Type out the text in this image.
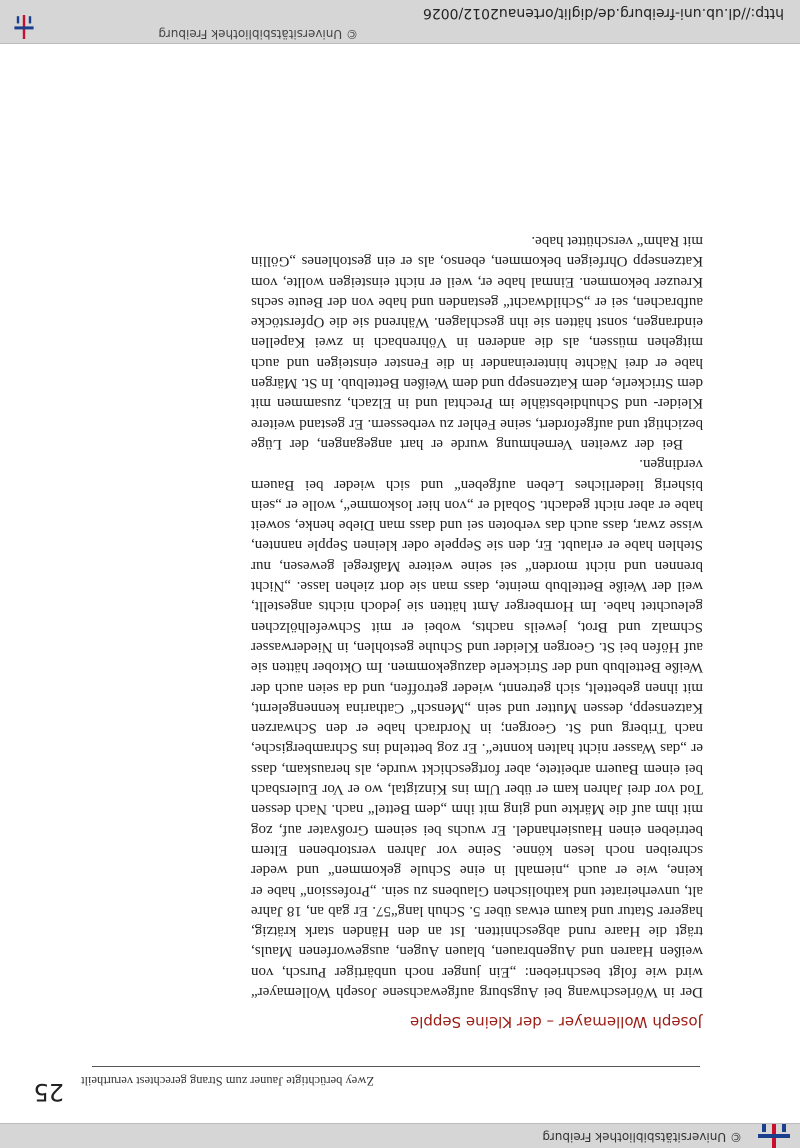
© Universitätsbibliothek Freiburg
25 Zwey berüchtigte Jauner zum Strang gerechtest verurtheilt
Joseph Wollemayer – der Kleine Sepple

Der in Wörleschwang bei Augsburg aufgewachsene Joseph Wollemayer“ wird wie folgt beschrieben: „Ein junger noch unbärtiger Pursch, von weißen Haaren und Augenbrauen, blauen Augen, ausgeworfenen Mauls, trägt die Haare rund abgeschnitten. Ist an den Händen stark krätzig, hagerer Statur und kaum etwas über 5. Schuh lang“57. Er gab an, 18 Jahre alt, unverheiratet und katholischen Glaubens zu sein. „Profession“ habe er keine, wie er auch „niemahl in eine Schule gekommen“ und weder schreiben noch lesen könne. Seine vor Jahren verstorbenen Eltern betrieben einen Hausierhandel. Er wuchs bei seinem Großvater auf, zog mit ihm auf die Märkte und ging mit ihm „dem Bettel“ nach. Nach dessen Tod vor drei Jahren kam er über Ulm ins Kinzigtal, wo er Vor Eulersbach bei einem Bauern arbeitete, aber fortgeschickt wurde, als herauskam, dass er „das Wasser nicht halten konnte“. Er zog bettelnd ins Schrambergische, nach Triberg und St. Georgen; in Nordrach habe er den Schwarzen Katzensepp, dessen Mutter und sein „Mensch“ Catharina kennengelernt, mit ihnen gebettelt, sich getrennt, wieder getroffen, und da seien auch der Weiße Bettelbub und der Strickerle dazugekommen. Im Oktober hätten sie auf Höfen bei St. Georgen Kleider und Schuhe gestohlen, in Niederwasser Schmalz und Brot, jeweils nachts, wobei er mit Schwefelhölzchen geleuchtet habe. Im Hornberger Amt hätten sie jedoch nichts angestellt, weil der Weiße Bettelbub meinte, dass man sie dort ziehen lasse. „Nicht brennen und nicht morden“ sei seine weitere Maßregel gewesen, nur Stehlen habe er erlaubt. Er, den sie Seppele oder kleinen Sepple nannten, wisse zwar, dass auch das verboten sei und dass man Diebe henke, soweit habe er aber nicht gedacht. Sobald er „von hier loskomme“, wolle er „sein bisherig liederliches Leben aufgeben“ und sich wieder bei Bauern verdingen.

Bei der zweiten Vernehmung wurde er hart angegangen, der Lüge bezichtigt und aufgefordert, seine Fehler zu verbessern. Er gestand weitere Kleider- und Schuhdiebstähle im Prechtal und in Elzach, zusammen mit dem Strickerle, dem Katzensepp und dem Weißen Bettelbub. In St. Märgen habe er drei Nächte hintereinander in die Fenster einsteigen und auch mitgehen müssen, als die anderen in Vöhrenbach in zwei Kapellen eindrangen, sonst hätten sie ihn geschlagen. Während sie die Opferstöcke aufbrachen, sei er „Schildwacht“ gestanden und habe von der Beute sechs Kreuzer bekommen. Einmal habe er, weil er nicht einsteigen wollte, vom Katzensepp Ohrfeigen bekommen, ebenso, als er ein gestohlenes „Göllin mit Rahm“ verschüttet habe.

© Universitätsbibliothek Freiburg
http://dl.ub.uni-freiburg.de/diglit/ortenau2012/0026
